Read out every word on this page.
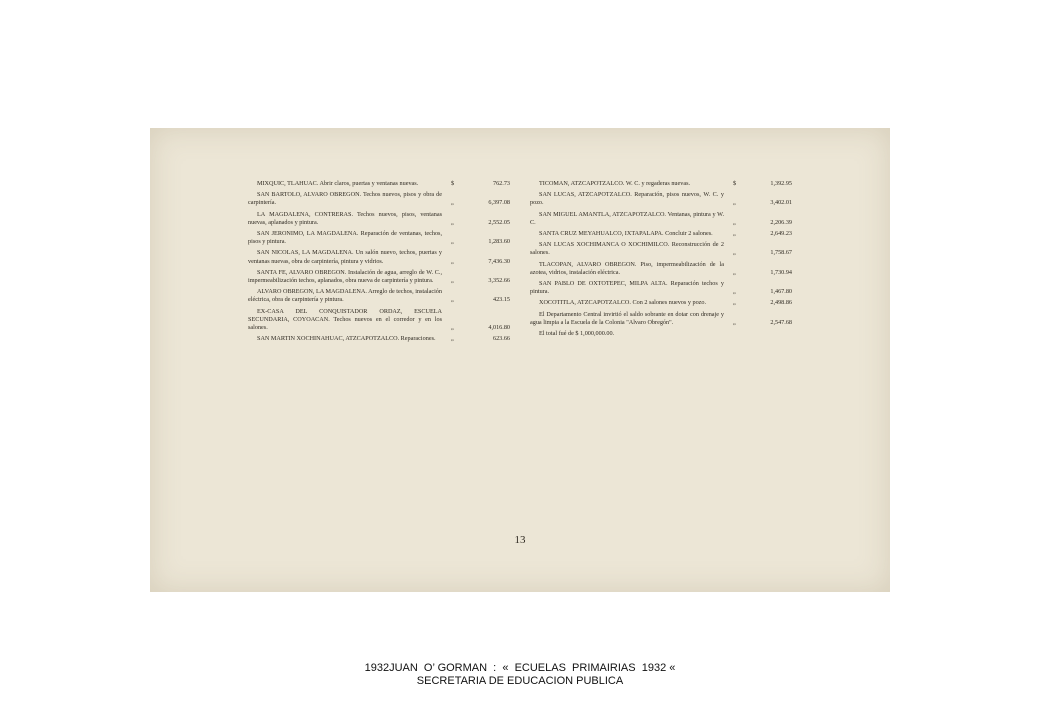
MIXQUIC, TLAHUAC. Abrir claros, puertas y ventanas nuevas.	$	762.73
SAN BARTOLO, ALVARO OBREGON. Techos nuevos, pisos y obra de carpintería.	„	6,397.08
LA MAGDALENA, CONTRERAS. Techos nuevos, pisos, ventanas nuevas, aplanados y pintura.	„	2,552.05
SAN JERONIMO, LA MAGDALENA. Reparación de ventanas, techos, pisos y pintura.	„	1,283.60
SAN NICOLAS, LA MAGDALENA. Un salón nuevo, techos, puertas y ventanas nuevas, obra de carpintería, pintura y vidrios.	„	7,436.30
SANTA FE, ALVARO OBREGON. Instalación de agua, arreglo de W. C., impermeabilización techos, aplanados, obra nueva de carpintería y pintura.	„	3,352.66
ALVARO OBREGON, LA MAGDALENA. Arreglo de techos, instalación eléctrica, obra de carpintería y pintura.	„	423.15
EX-CASA DEL CONQUISTADOR ORDAZ, ESCUELA SECUNDARIA, COYOACAN. Techos nuevos en el corredor y en los salones.	„	4,016.80
SAN MARTIN XOCHINAHUAC, ATZCAPOTZALCO. Reparaciones.	„	623.66
TICOMAN, ATZCAPOTZALCO. W. C. y regaderas nuevas.	$	1,392.95
SAN LUCAS, ATZCAPOTZALCO. Reparación, pisos nuevos, W. C. y pozo.	„	3,402.01
SAN MIGUEL AMANTLA, ATZCAPOTZALCO. Ventanas, pintura y W. C.	„	2,206.39
SANTA CRUZ MEYAHUALCO, IXTAPALAPA. Concluir 2 salones.	„	2,649.23
SAN LUCAS XOCHIMANCA O XOCHIMILCO. Reconstrucción de 2 salones.	„	1,758.67
TLACOPAN, ALVARO OBREGON. Piso, impermeabilización de la azotea, vidrios, instalación eléctrica.	„	1,730.94
SAN PABLO DE OXTOTEPEC, MILPA ALTA. Reparación techos y pintura.	„	1,467.80
XOCOTITLA, ATZCAPOTZALCO. Con 2 salones nuevos y pozo.	„	2,498.86
El Departamento Central invirtió el saldo sobrante en dotar con drenaje y agua limpia a la Escuela de la Colonia "Alvaro Obregón".	„	2,547.68
El total fué de $ 1,000,000.00.
13
1932JUAN  O’ GORMAN  :  «  ECUELAS  PRIMAIRIAS  1932 «
SECRETARIA DE EDUCACION PUBLICA
